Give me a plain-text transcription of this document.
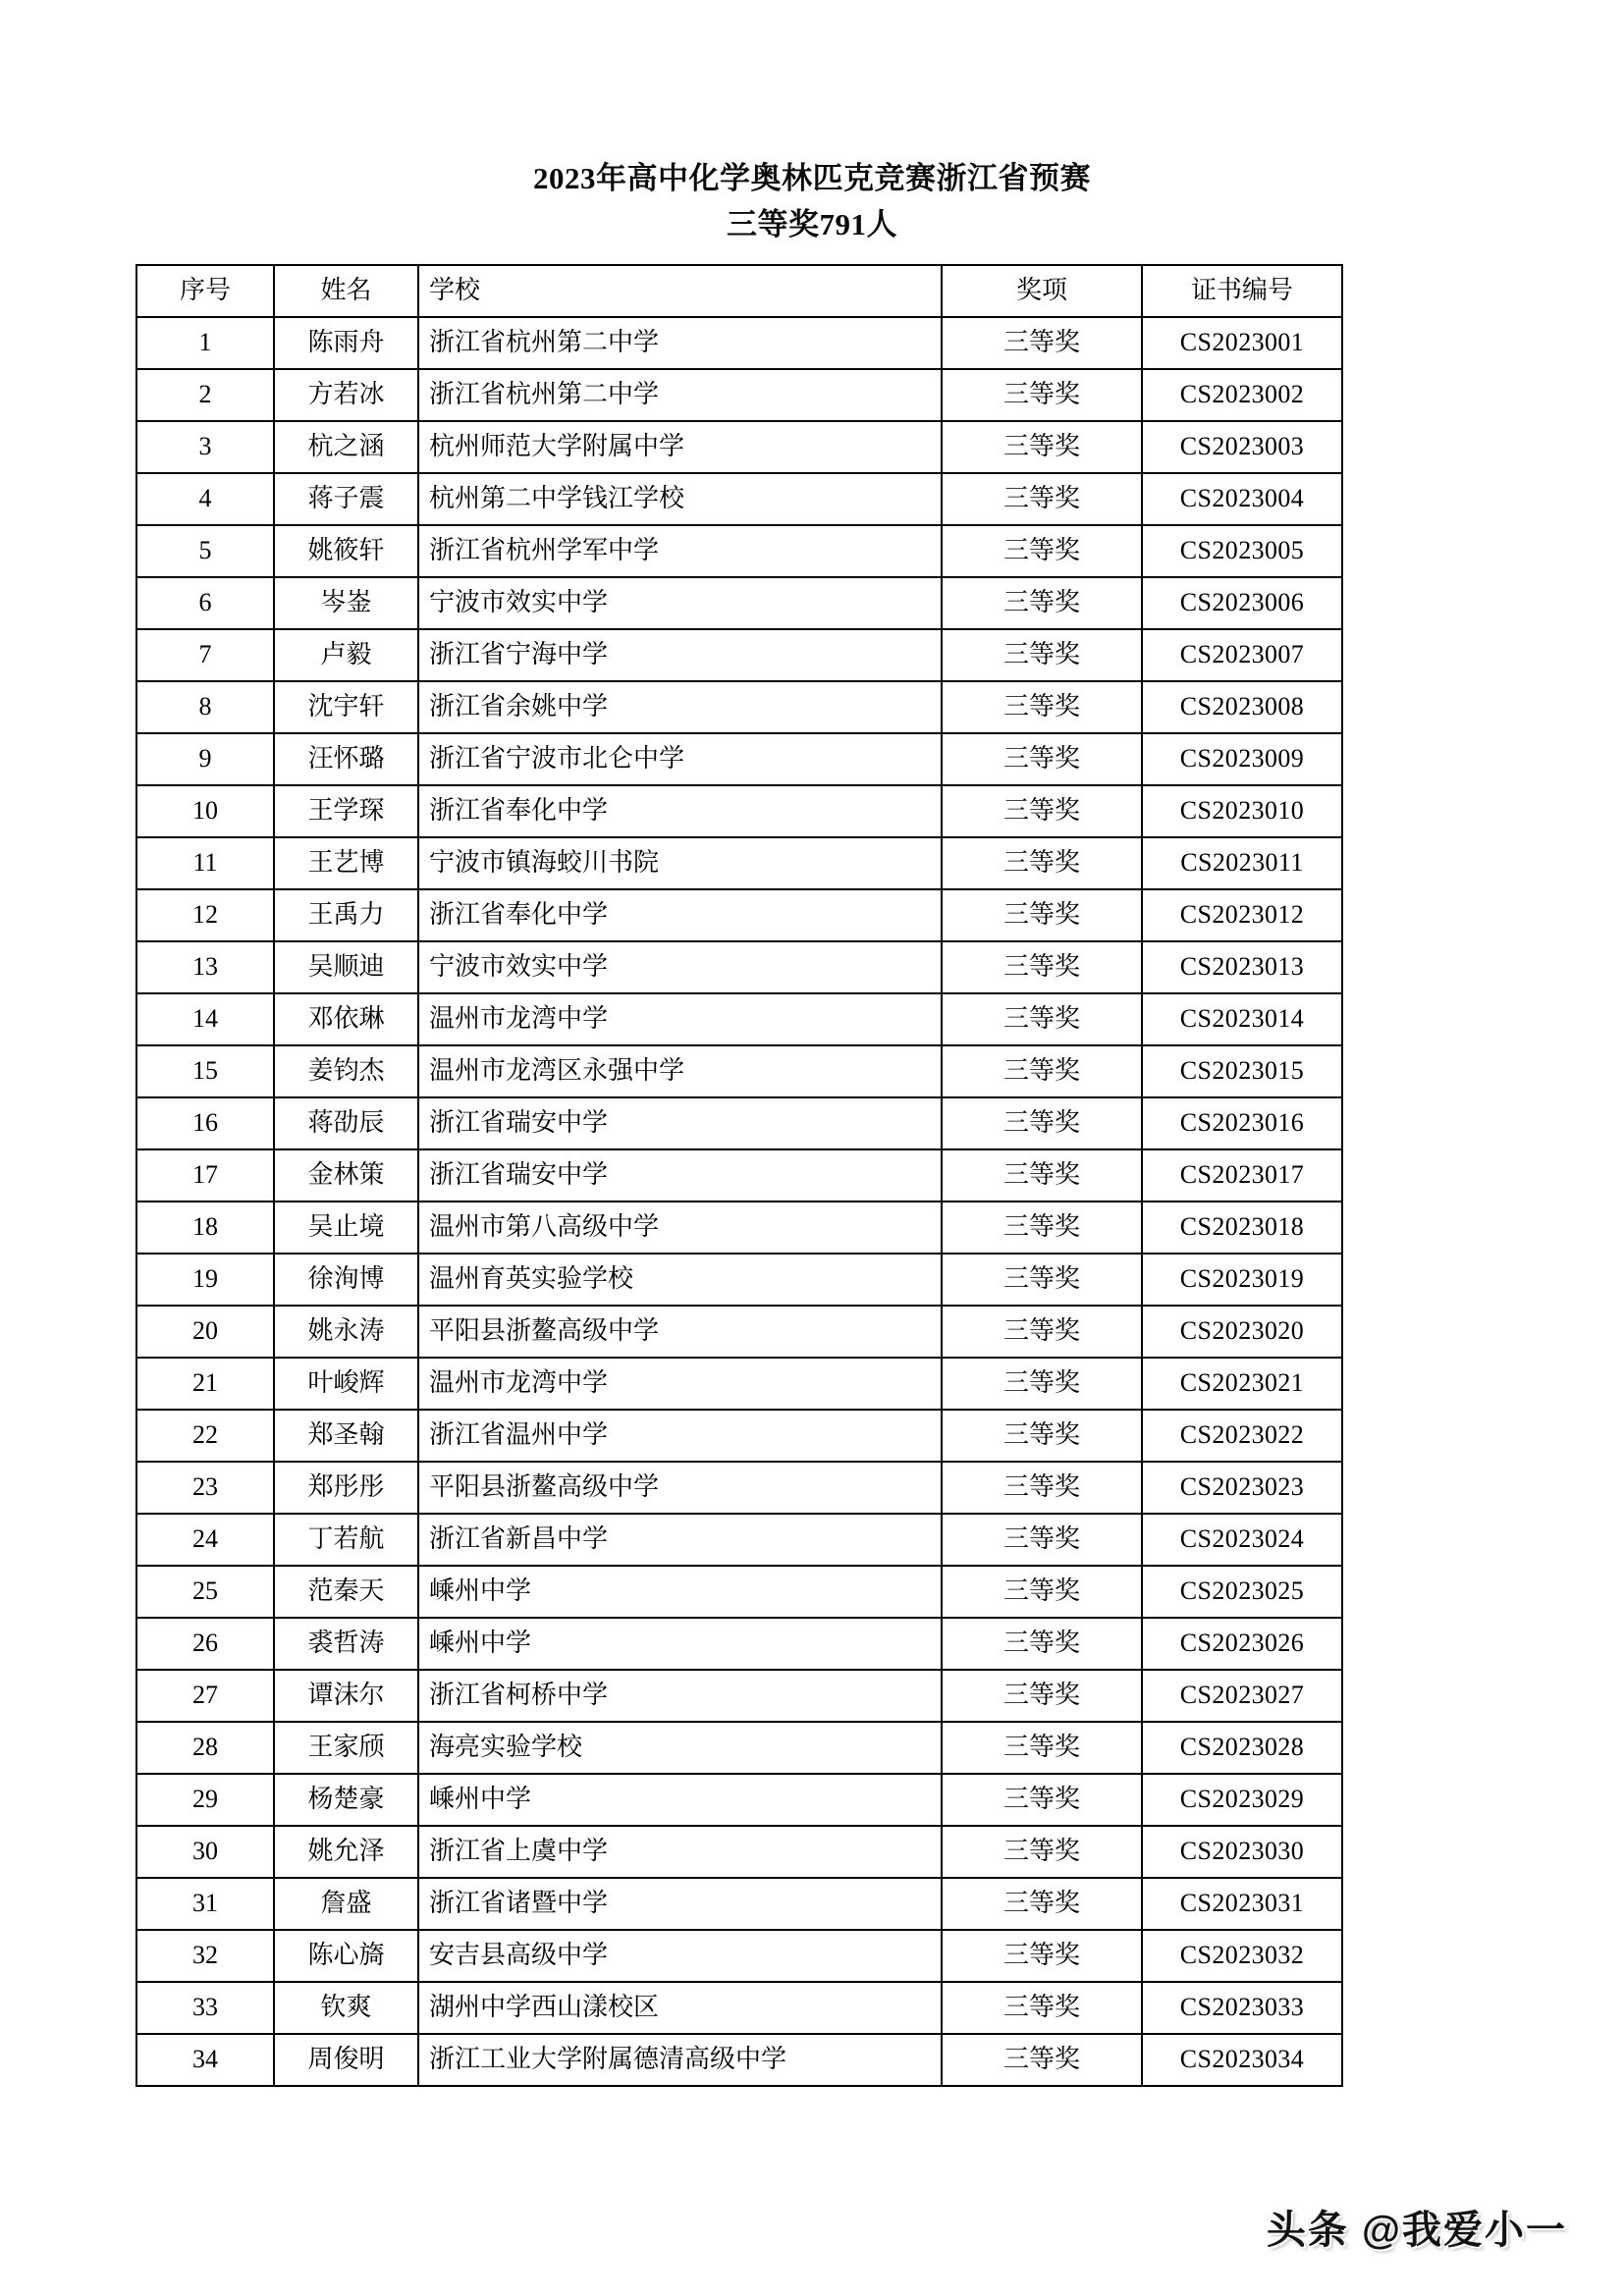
2023年高中化学奥林匹克竞赛浙江省预赛
三等奖791人
序号	姓名	学校	奖项	证书编号
1	陈雨舟	浙江省杭州第二中学	三等奖	CS2023001
2	方若冰	浙江省杭州第二中学	三等奖	CS2023002
3	杭之涵	杭州师范大学附属中学	三等奖	CS2023003
4	蒋子震	杭州第二中学钱江学校	三等奖	CS2023004
5	姚筱轩	浙江省杭州学军中学	三等奖	CS2023005
6	岑崟	宁波市效实中学	三等奖	CS2023006
7	卢毅	浙江省宁海中学	三等奖	CS2023007
8	沈宇轩	浙江省余姚中学	三等奖	CS2023008
9	汪怀璐	浙江省宁波市北仑中学	三等奖	CS2023009
10	王学琛	浙江省奉化中学	三等奖	CS2023010
11	王艺博	宁波市镇海蛟川书院	三等奖	CS2023011
12	王禹力	浙江省奉化中学	三等奖	CS2023012
13	吴顺迪	宁波市效实中学	三等奖	CS2023013
14	邓依琳	温州市龙湾中学	三等奖	CS2023014
15	姜钧杰	温州市龙湾区永强中学	三等奖	CS2023015
16	蒋劭辰	浙江省瑞安中学	三等奖	CS2023016
17	金林策	浙江省瑞安中学	三等奖	CS2023017
18	吴止境	温州市第八高级中学	三等奖	CS2023018
19	徐洵博	温州育英实验学校	三等奖	CS2023019
20	姚永涛	平阳县浙鳌高级中学	三等奖	CS2023020
21	叶峻辉	温州市龙湾中学	三等奖	CS2023021
22	郑圣翰	浙江省温州中学	三等奖	CS2023022
23	郑彤彤	平阳县浙鳌高级中学	三等奖	CS2023023
24	丁若航	浙江省新昌中学	三等奖	CS2023024
25	范秦天	嵊州中学	三等奖	CS2023025
26	裘哲涛	嵊州中学	三等奖	CS2023026
27	谭沫尔	浙江省柯桥中学	三等奖	CS2023027
28	王家颀	海亮实验学校	三等奖	CS2023028
29	杨楚豪	嵊州中学	三等奖	CS2023029
30	姚允泽	浙江省上虞中学	三等奖	CS2023030
31	詹盛	浙江省诸暨中学	三等奖	CS2023031
32	陈心旖	安吉县高级中学	三等奖	CS2023032
33	钦爽	湖州中学西山漾校区	三等奖	CS2023033
34	周俊明	浙江工业大学附属德清高级中学	三等奖	CS2023034
头条 @我爱小一
